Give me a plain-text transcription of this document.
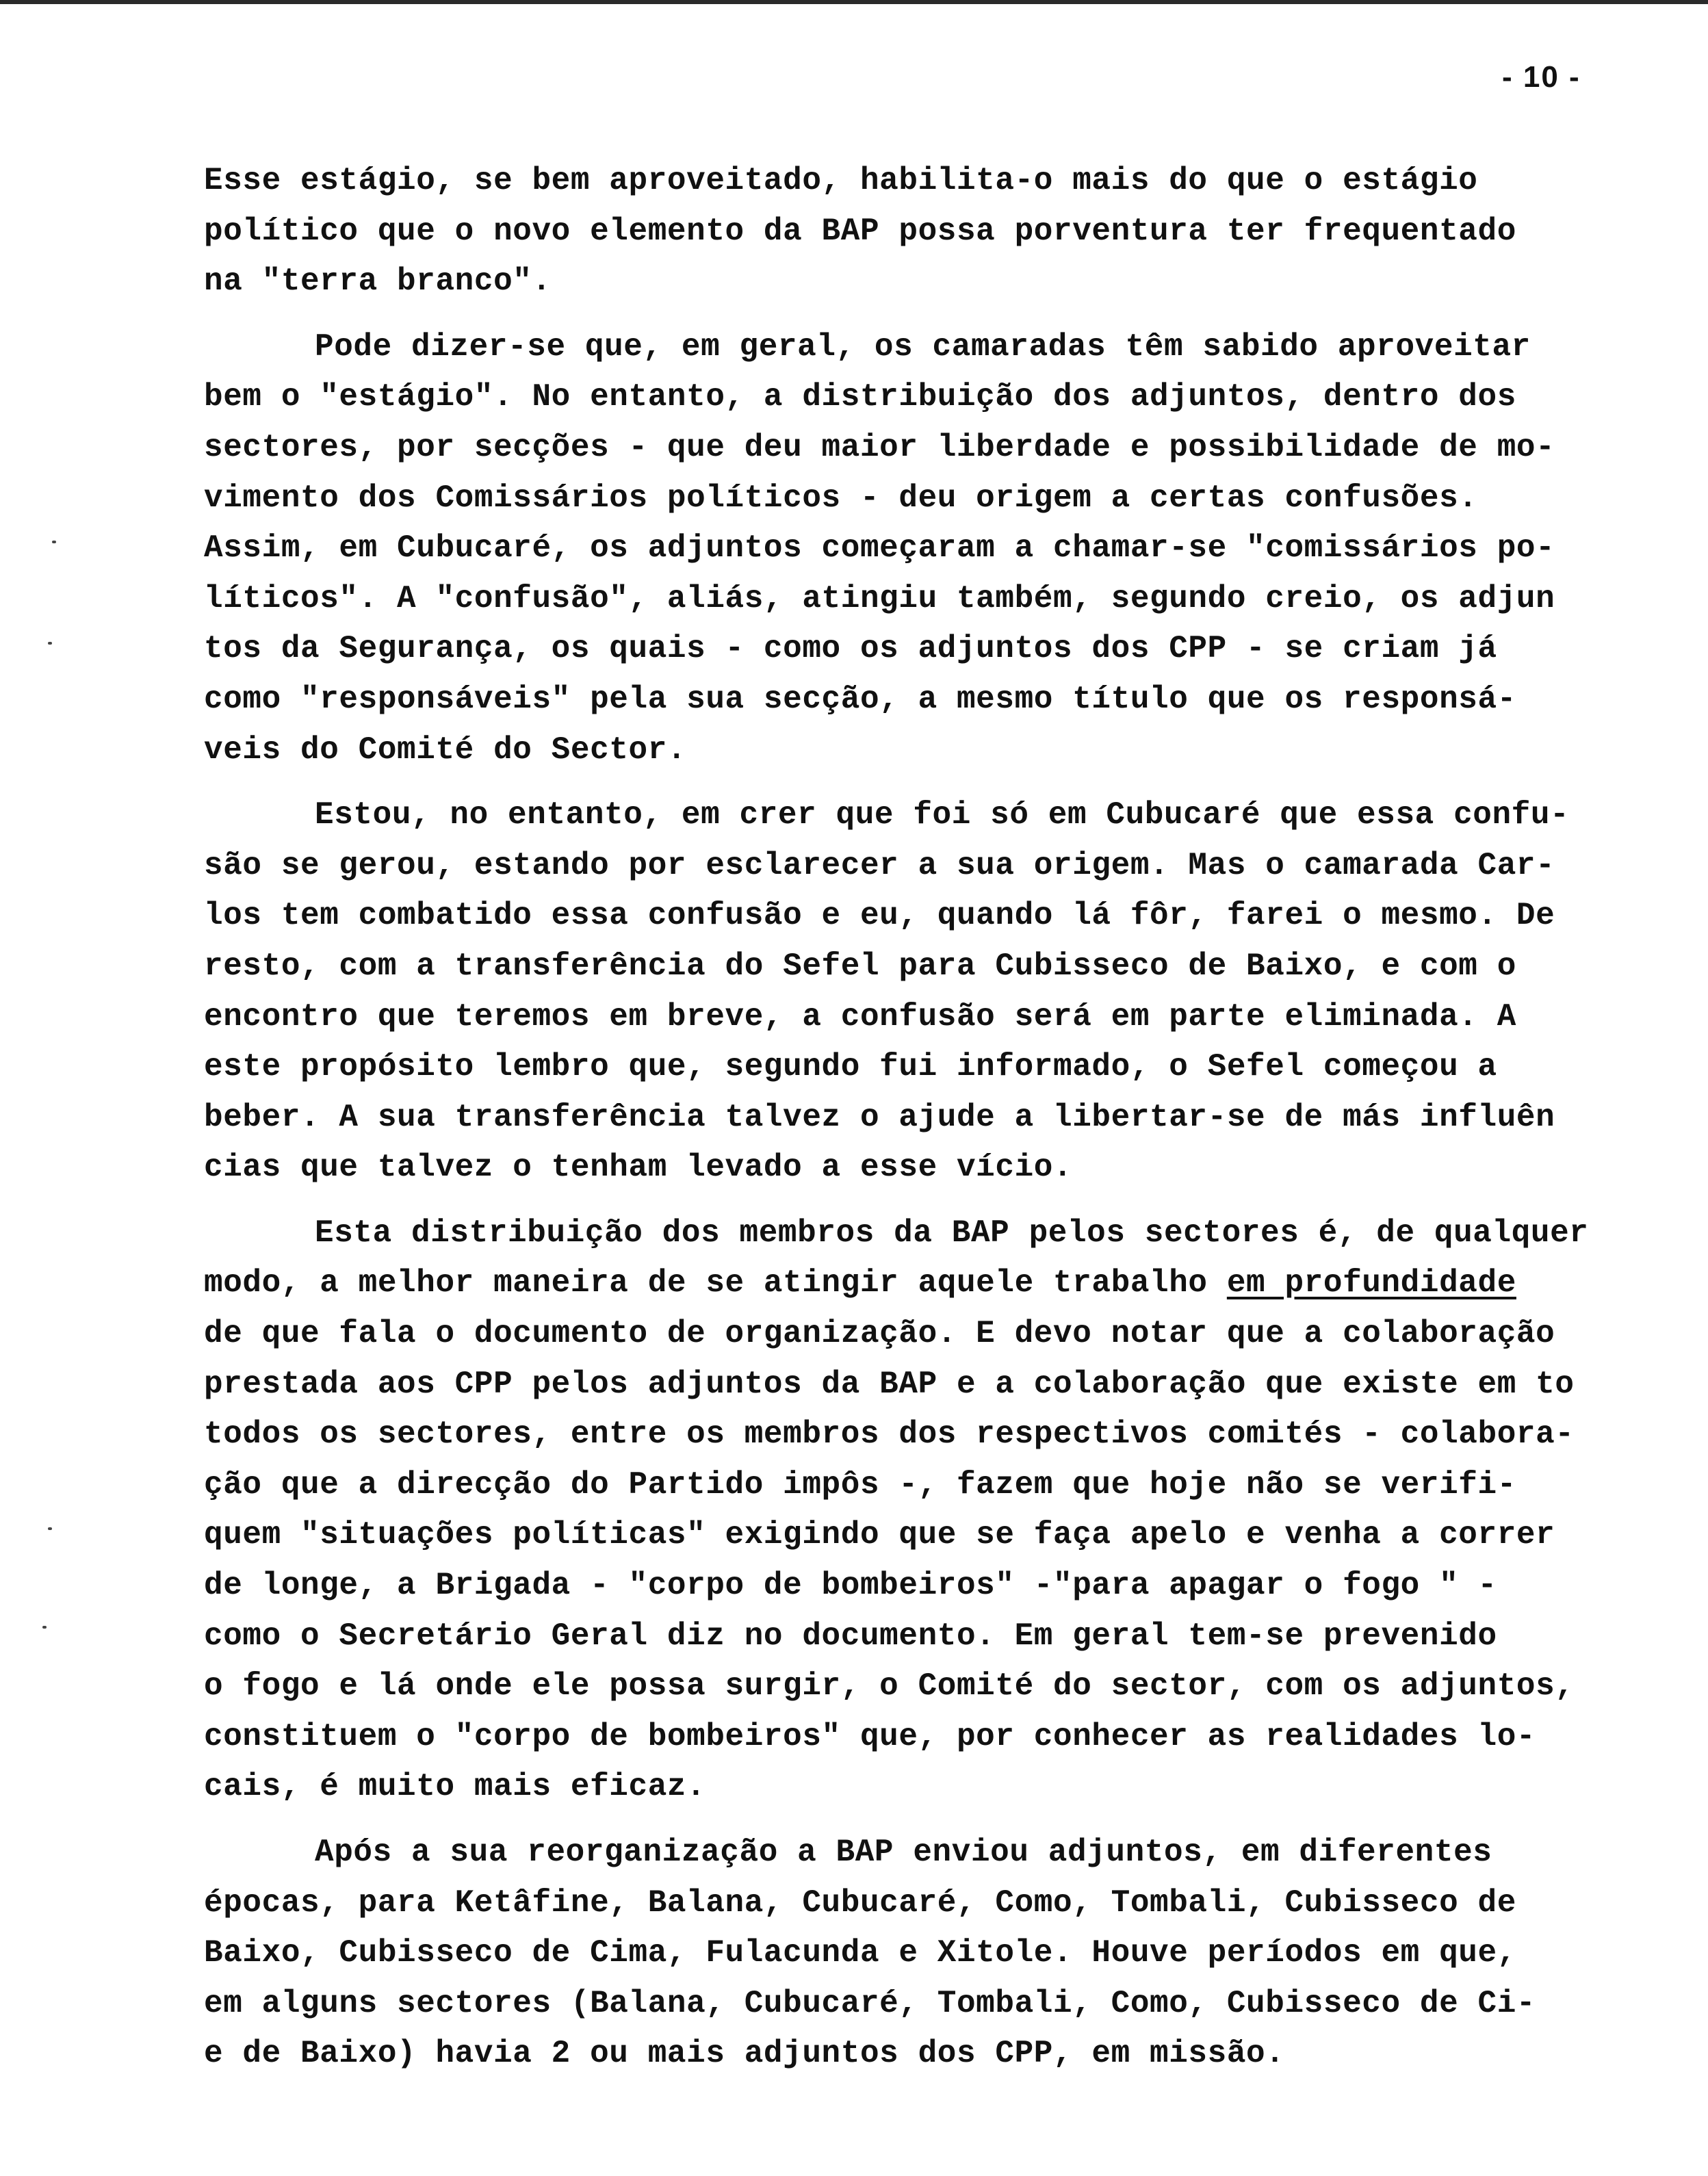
- 10 -
Esse estágio, se bem aproveitado, habilita-o mais do que o estágio
político que o novo elemento da BAP possa porventura ter frequentado
na "terra branco".
Pode dizer-se que, em geral, os camaradas têm sabido aproveitar
bem o "estágio". No entanto, a distribuição dos adjuntos, dentro dos
sectores, por secções - que deu maior liberdade e possibilidade de mo-
vimento dos Comissários políticos - deu origem a certas confusões.
Assim, em Cubucaré, os adjuntos começaram a chamar-se "comissários po-
líticos". A "confusão", aliás, atingiu também, segundo creio, os adjun
tos da Segurança, os quais - como os adjuntos dos CPP - se criam já
como "responsáveis" pela sua secção, a mesmo título que os responsá-
veis do Comité do Sector.
Estou, no entanto, em crer que foi só em Cubucaré que essa confu-
são se gerou, estando por esclarecer a sua origem. Mas o camarada Car-
los tem combatido essa confusão e eu, quando lá fôr, farei o mesmo. De
resto, com a transferência do Sefel para Cubisseco de Baixo, e com o
encontro que teremos em breve, a confusão será em parte eliminada. A
este propósito lembro que, segundo fui informado, o Sefel começou a
beber. A sua transferência talvez o ajude a libertar-se de más influên
cias que talvez o tenham levado a esse vício.
Esta distribuição dos membros da BAP pelos sectores é, de qualquer
modo, a melhor maneira de se atingir aquele trabalho em profundidade
de que fala o documento de organização. E devo notar que a colaboração
prestada aos CPP pelos adjuntos da BAP e a colaboração que existe em to
todos os sectores, entre os membros dos respectivos comités - colabora-
ção que a direcção do Partido impôs -, fazem que hoje não se verifi-
quem "situações políticas" exigindo que se faça apelo e venha a correr
de longe, a Brigada - "corpo de bombeiros" -"para apagar o fogo " -
como o Secretário Geral diz no documento. Em geral tem-se prevenido
o fogo e lá onde ele possa surgir, o Comité do sector, com os adjuntos,
constituem o "corpo de bombeiros" que, por conhecer as realidades lo-
cais, é muito mais eficaz.
Após a sua reorganização a BAP enviou adjuntos, em diferentes
épocas, para Ketâfine, Balana, Cubucaré, Como, Tombali, Cubisseco de
Baixo, Cubisseco de Cima, Fulacunda e Xitole. Houve períodos em que,
em alguns sectores (Balana, Cubucaré, Tombali, Como, Cubisseco de Ci-
e de Baixo) havia 2 ou mais adjuntos dos CPP, em missão.
